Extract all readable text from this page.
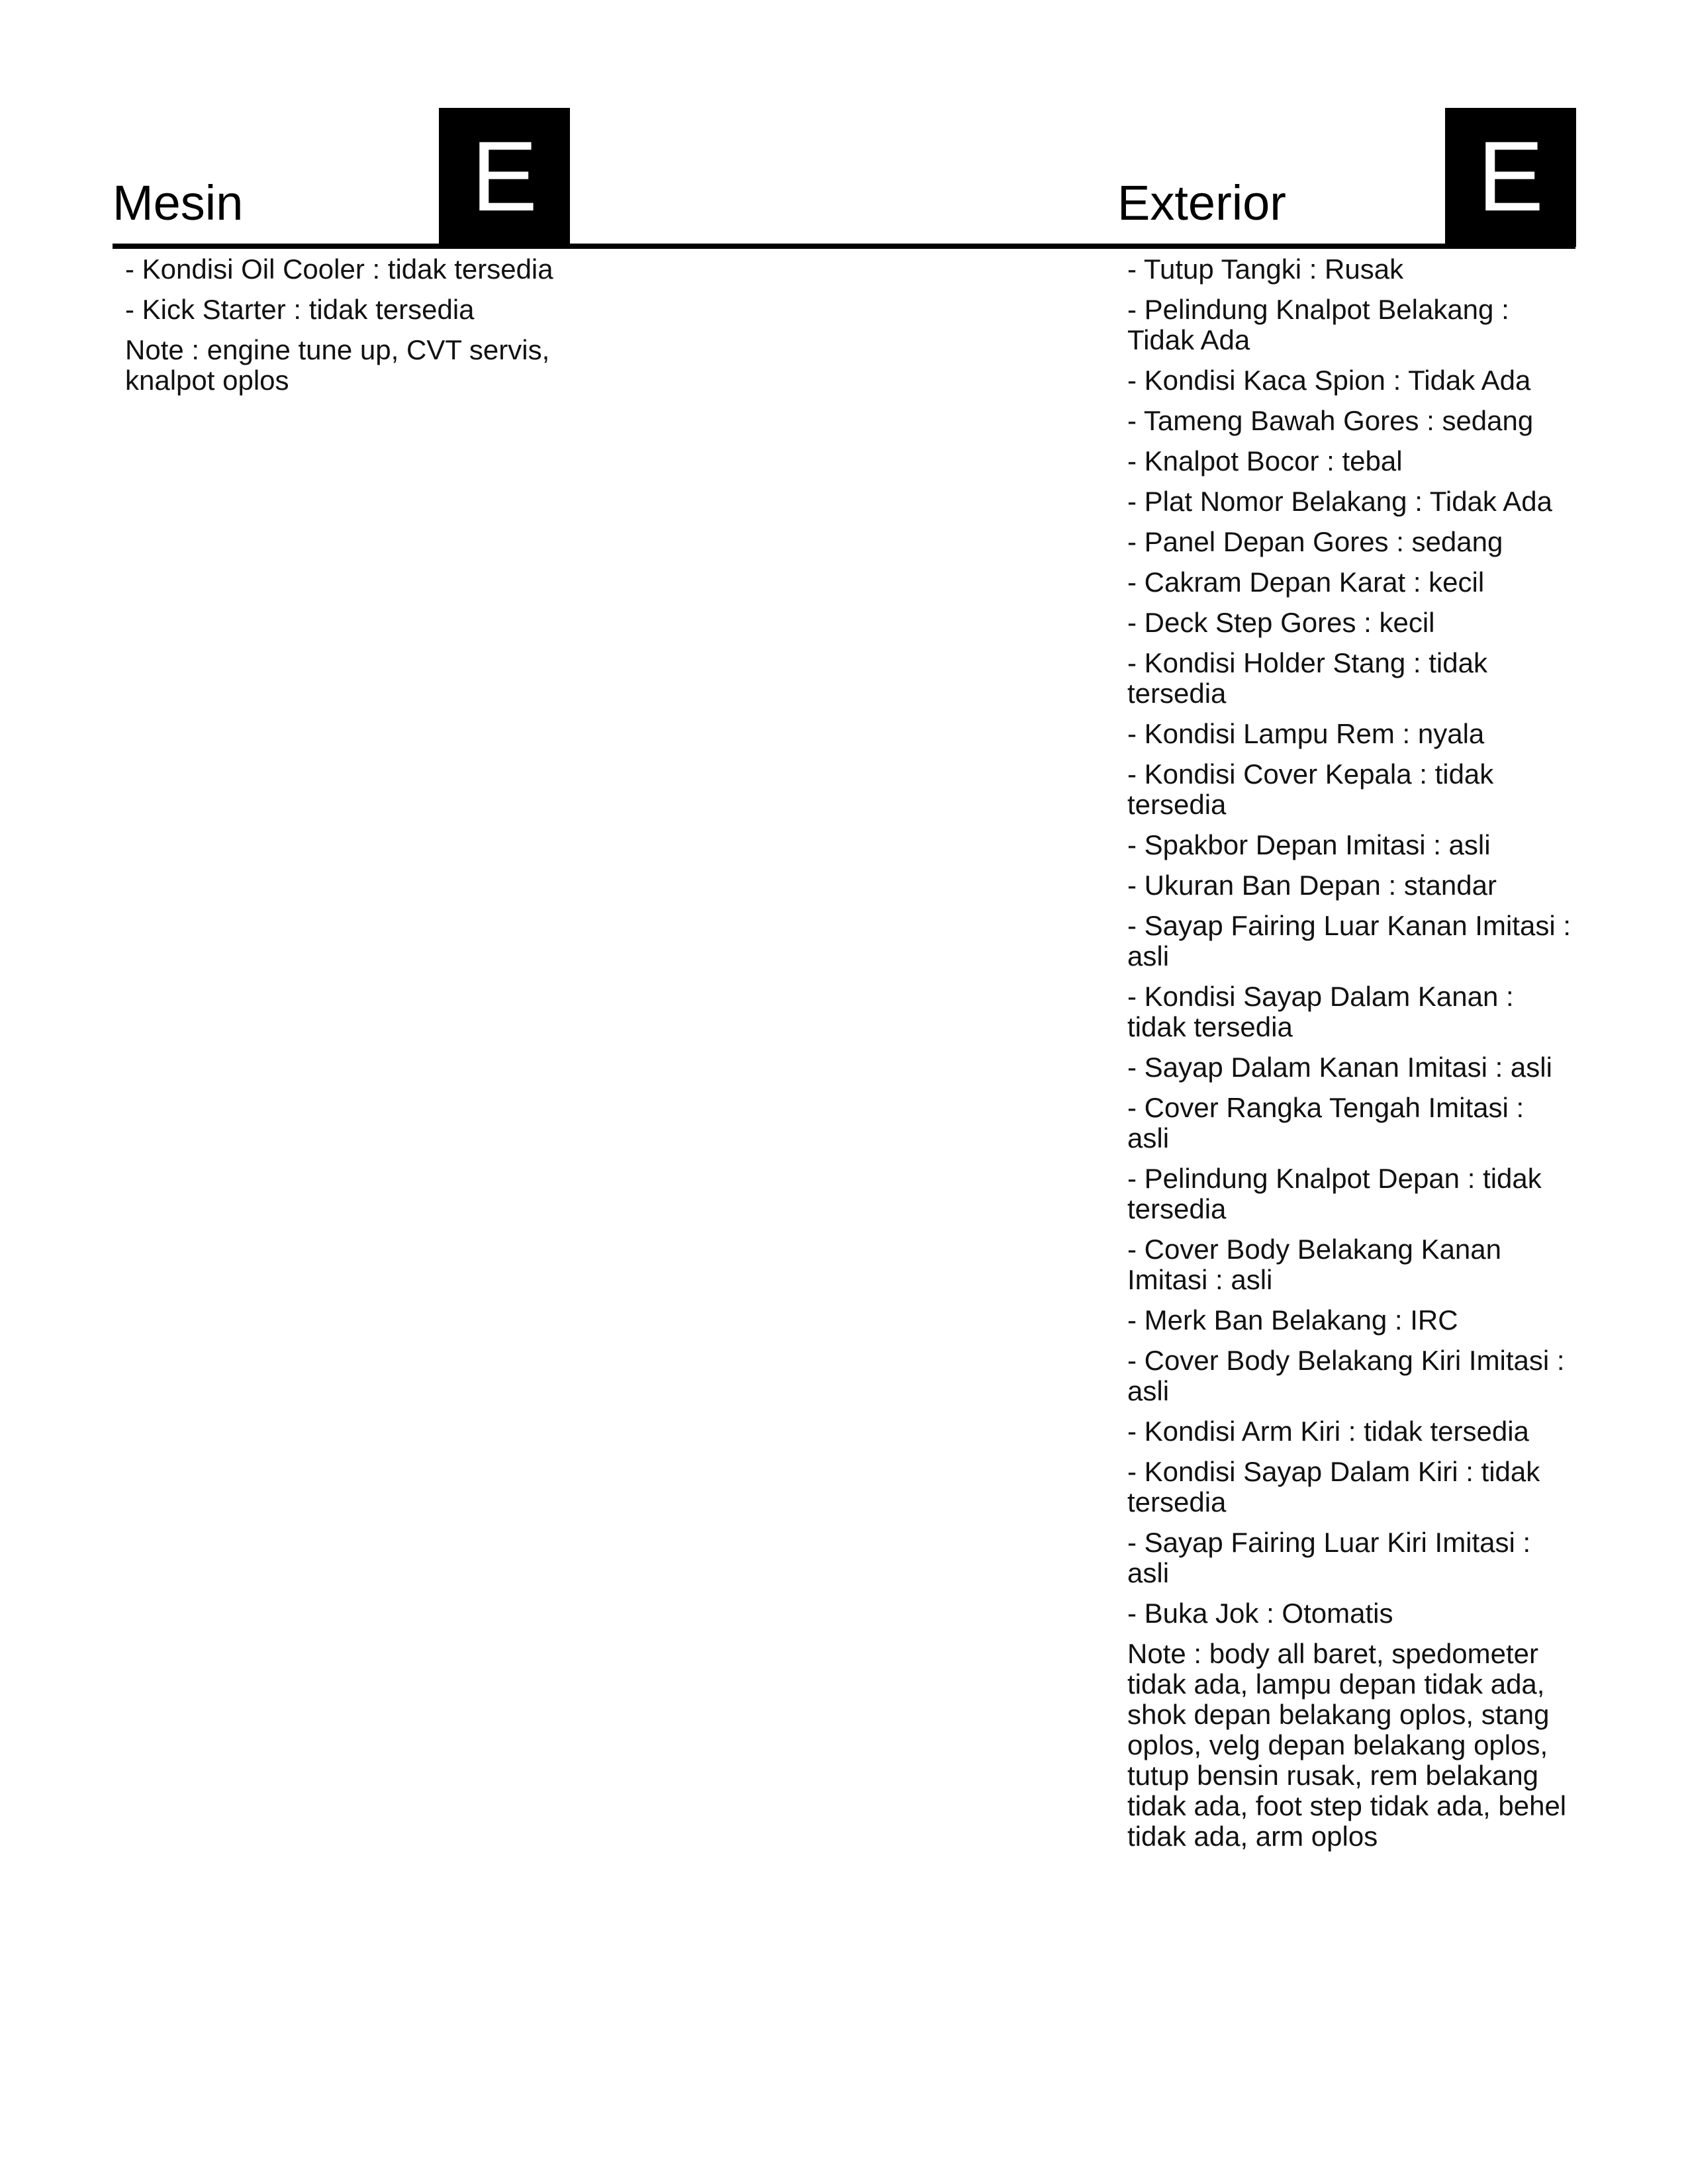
Mesin	E	Exterior	E

- Kondisi Oil Cooler : tidak tersedia

- Kick Starter : tidak tersedia

Note : engine tune up, CVT servis, knalpot oplos

- Tutup Tangki : Rusak

- Pelindung Knalpot Belakang : Tidak Ada

- Kondisi Kaca Spion : Tidak Ada

- Tameng Bawah Gores : sedang

- Knalpot Bocor : tebal

- Plat Nomor Belakang : Tidak Ada

- Panel Depan Gores : sedang

- Cakram Depan Karat : kecil

- Deck Step Gores : kecil

- Kondisi Holder Stang : tidak tersedia

- Kondisi Lampu Rem : nyala

- Kondisi Cover Kepala : tidak tersedia

- Spakbor Depan Imitasi : asli

- Ukuran Ban Depan : standar

- Sayap Fairing Luar Kanan Imitasi : asli

- Kondisi Sayap Dalam Kanan : tidak tersedia

- Sayap Dalam Kanan Imitasi : asli

- Cover Rangka Tengah Imitasi : asli

- Pelindung Knalpot Depan : tidak tersedia

- Cover Body Belakang Kanan Imitasi : asli

- Merk Ban Belakang : IRC

- Cover Body Belakang Kiri Imitasi : asli

- Kondisi Arm Kiri : tidak tersedia

- Kondisi Sayap Dalam Kiri : tidak tersedia

- Sayap Fairing Luar Kiri Imitasi : asli

- Buka Jok : Otomatis

Note : body all baret, spedometer tidak ada, lampu depan tidak ada, shok depan belakang oplos, stang oplos, velg depan belakang oplos, tutup bensin rusak, rem belakang tidak ada, foot step tidak ada, behel tidak ada, arm oplos
